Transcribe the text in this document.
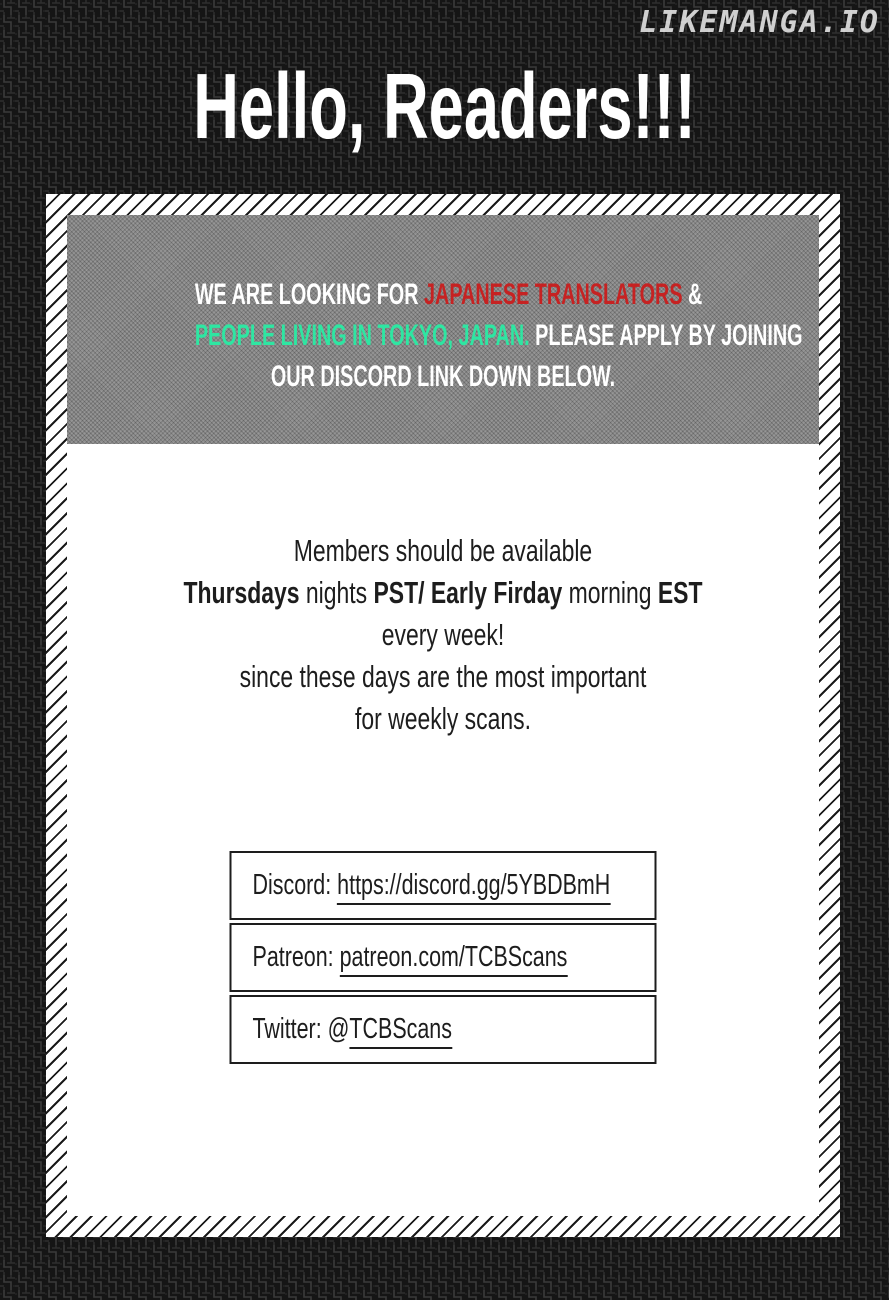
LIKEMANGA.IO
Hello, Readers!!!
WE ARE LOOKING FOR JAPANESE TRANSLATORS &
PEOPLE LIVING IN TOKYO, JAPAN. PLEASE APPLY BY JOINING
OUR DISCORD LINK DOWN BELOW.
Members should be available
Thursdays nights PST/ Early Firday morning EST
every week!
since these days are the most important
for weekly scans.
Discord: https://discord.gg/5YBDBmH
Patreon: patreon.com/TCBScans
Twitter: @TCBScans
